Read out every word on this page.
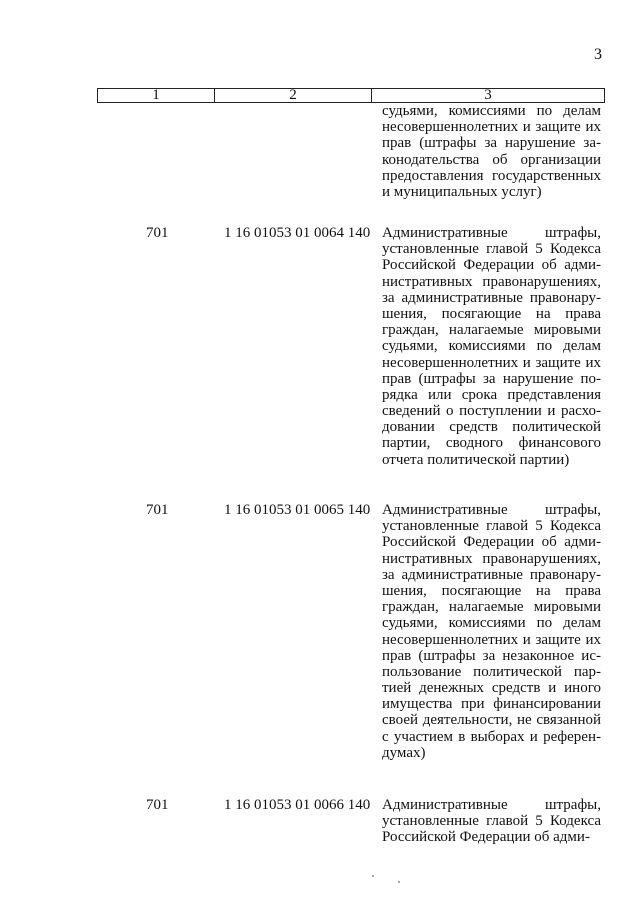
3
1	2	3
судьями, комиссиями по делам
несовершеннолетних и защите их
прав (штрафы за нарушение за-
конодательства об организации
предоставления государственных
и муниципальных услуг)
701	1 16 01053 01 0064 140 Административные штрафы,
установленные главой 5 Кодекса
Российской Федерации об адми-
нистративных правонарушениях,
за административные правонару-
шения, посягающие на права
граждан, налагаемые мировыми
судьями, комиссиями по делам
несовершеннолетних и защите их
прав (штрафы за нарушение по-
рядка или срока представления
сведений о поступлении и расхо-
довании средств политической
партии, сводного финансового
отчета политической партии)
701	1 16 01053 01 0065 140 Административные штрафы,
установленные главой 5 Кодекса
Российской Федерации об адми-
нистративных правонарушениях,
за административные правонару-
шения, посягающие на права
граждан, налагаемые мировыми
судьями, комиссиями по делам
несовершеннолетних и защите их
прав (штрафы за незаконное ис-
пользование политической пар-
тией денежных средств и иного
имущества при финансировании
своей деятельности, не связанной
с участием в выборах и референ-
думах)
701	1 16 01053 01 0066 140 Административные штрафы,
установленные главой 5 Кодекса
Российской Федерации об адми-
